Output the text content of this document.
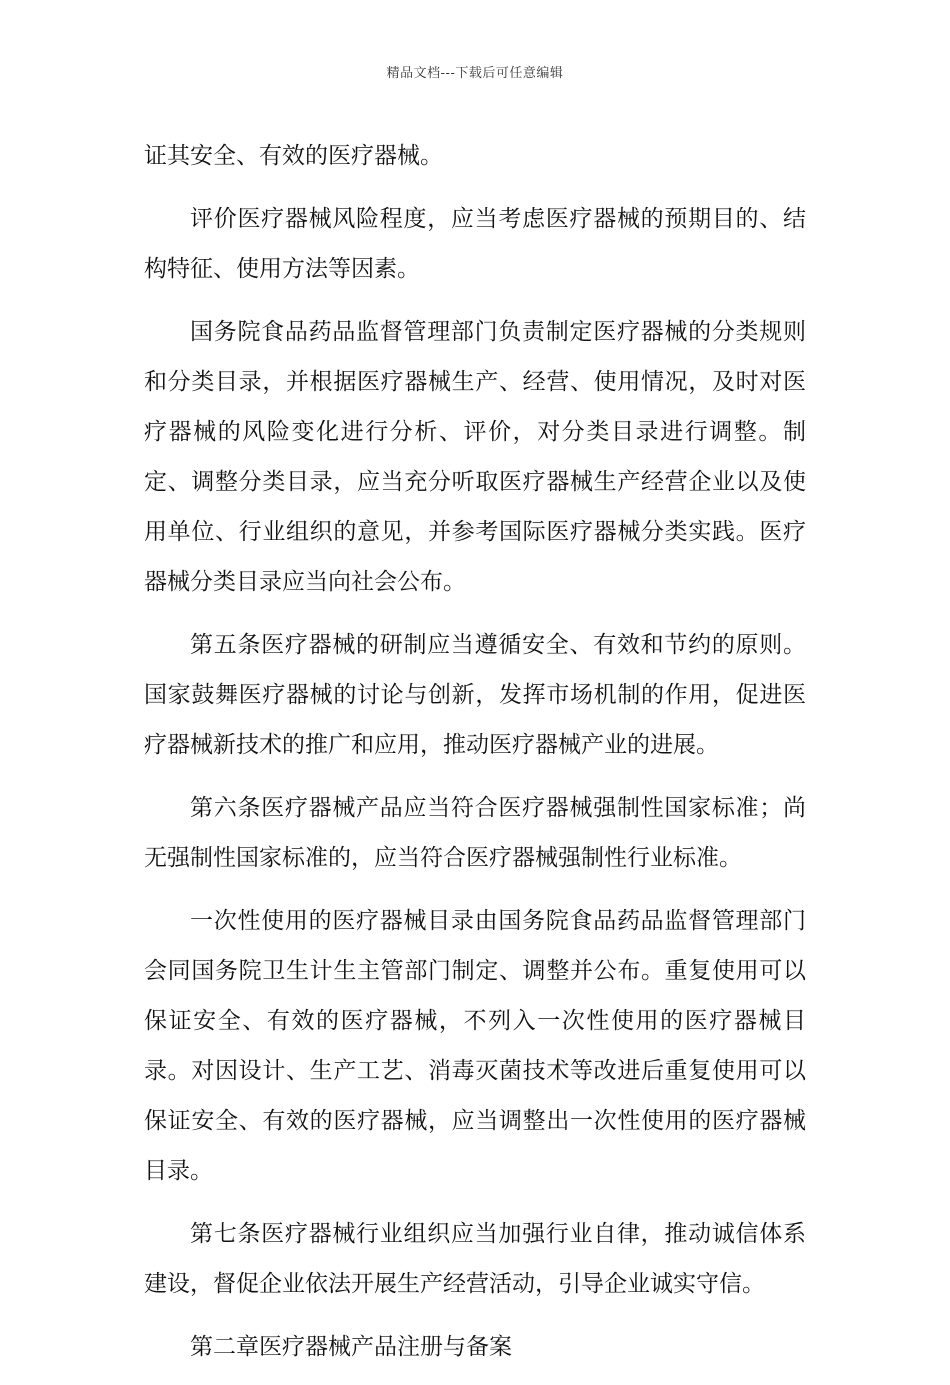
精品文档---下载后可任意编辑

证其安全、有效的医疗器械。

评价医疗器械风险程度，应当考虑医疗器械的预期目的、结构特征、使用方法等因素。

国务院食品药品监督管理部门负责制定医疗器械的分类规则和分类目录，并根据医疗器械生产、经营、使用情况，及时对医疗器械的风险变化进行分析、评价，对分类目录进行调整。制定、调整分类目录，应当充分听取医疗器械生产经营企业以及使用单位、行业组织的意见，并参考国际医疗器械分类实践。医疗器械分类目录应当向社会公布。

第五条医疗器械的研制应当遵循安全、有效和节约的原则。国家鼓舞医疗器械的讨论与创新，发挥市场机制的作用，促进医疗器械新技术的推广和应用，推动医疗器械产业的进展。

第六条医疗器械产品应当符合医疗器械强制性国家标准；尚无强制性国家标准的，应当符合医疗器械强制性行业标准。

一次性使用的医疗器械目录由国务院食品药品监督管理部门会同国务院卫生计生主管部门制定、调整并公布。重复使用可以保证安全、有效的医疗器械，不列入一次性使用的医疗器械目录。对因设计、生产工艺、消毒灭菌技术等改进后重复使用可以保证安全、有效的医疗器械，应当调整出一次性使用的医疗器械目录。

第七条医疗器械行业组织应当加强行业自律，推动诚信体系建设，督促企业依法开展生产经营活动，引导企业诚实守信。

第二章医疗器械产品注册与备案
